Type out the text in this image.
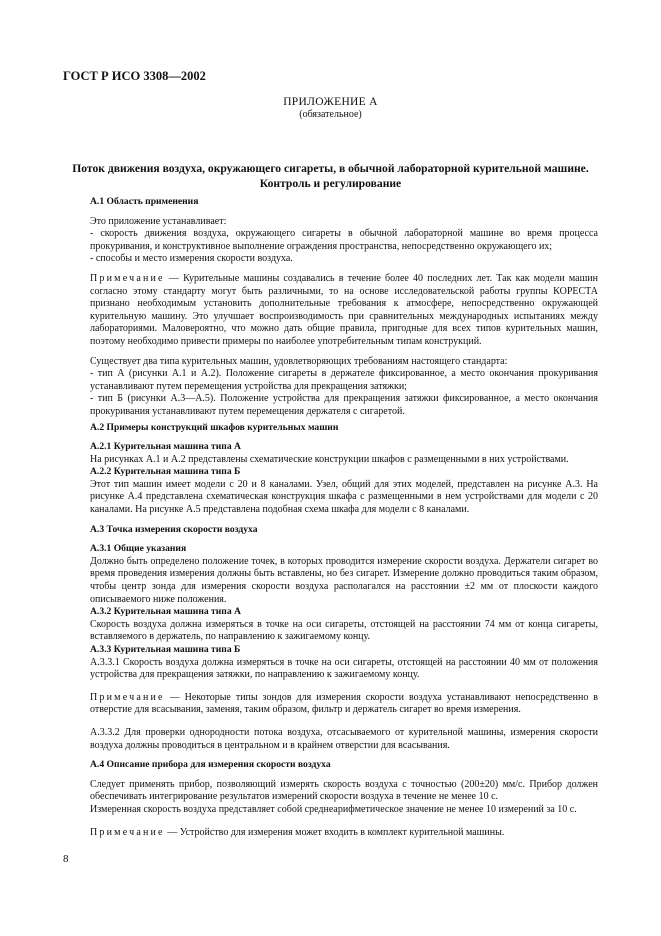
ГОСТ Р ИСО 3308—2002
ПРИЛОЖЕНИЕ А
(обязательное)
Поток движения воздуха, окружающего сигареты, в обычной лабораторной курительной машине.
Контроль и регулирование

А.1 Область применения

Это приложение устанавливает:

- скорость движения воздуха, окружающего сигареты в обычной лабораторной машине во время процесса прокуривания, и конструктивное выполнение ограждения пространства, непосредственно окружающего их;

- способы и место измерения скорости воздуха.

Примечание — Курительные машины создавались в течение более 40 последних лет. Так как модели машин согласно этому стандарту могут быть различными, то на основе исследовательской работы группы КОРЕСТА признано необходимым установить дополнительные требования к атмосфере, непосредственно окружающей курительную машину. Это улучшает воспроизводимость при сравнительных международных испытаниях между лабораториями. Маловероятно, что можно дать общие правила, пригодные для всех типов курительных машин, поэтому необходимо привести примеры по наиболее употребительным типам конструкций.

Существует два типа курительных машин, удовлетворяющих требованиям настоящего стандарта:

- тип А (рисунки А.1 и А.2). Положение сигареты в держателе фиксированное, а место окончания прокуривания устанавливают путем перемещения устройства для прекращения затяжки;

- тип Б (рисунки А.3—А.5). Положение устройства для прекращения затяжки фиксированное, а место окончания прокуривания устанавливают путем перемещения держателя с сигаретой.

А.2 Примеры конструкций шкафов курительных машин

А.2.1 Курительная машина типа А

На рисунках А.1 и А.2 представлены схематические конструкции шкафов с размещенными в них устройствами.

А.2.2 Курительная машина типа Б

Этот тип машин имеет модели с 20 и 8 каналами. Узел, общий для этих моделей, представлен на рисунке А.3. На рисунке А.4 представлена схематическая конструкция шкафа с размещенными в нем устройствами для модели с 20 каналами. На рисунке А.5 представлена подобная схема шкафа для модели с 8 каналами.

А.3 Точка измерения скорости воздуха

А.3.1 Общие указания

Должно быть определено положение точек, в которых проводится измерение скорости воздуха. Держатели сигарет во время проведения измерения должны быть вставлены, но без сигарет. Измерение должно проводиться таким образом, чтобы центр зонда для измерения скорости воздуха располагался на расстоянии ±2 мм от плоскости каждого описываемого ниже положения.

А.3.2 Курительная машина типа А

Скорость воздуха должна измеряться в точке на оси сигареты, отстоящей на расстоянии 74 мм от конца сигареты, вставляемого в держатель, по направлению к зажигаемому концу.

А.3.3 Курительная машина типа Б

А.3.3.1 Скорость воздуха должна измеряться в точке на оси сигареты, отстоящей на расстоянии 40 мм от положения устройства для прекращения затяжки, по направлению к зажигаемому концу.

Примечание — Некоторые типы зондов для измерения скорости воздуха устанавливают непосредственно в отверстие для всасывания, заменяя, таким образом, фильтр и держатель сигарет во время измерения.

А.3.3.2 Для проверки однородности потока воздуха, отсасываемого от курительной машины, измерения скорости воздуха должны проводиться в центральном и в крайнем отверстии для всасывания.

А.4 Описание прибора для измерения скорости воздуха

Следует применять прибор, позволяющий измерять скорость воздуха с точностью (200±20) мм/с. Прибор должен обеспечивать интегрирование результатов измерений скорости воздуха в течение не менее 10 с.

Измеренная скорость воздуха представляет собой среднеарифметическое значение не менее 10 измерений за 10 с.

Примечание — Устройство для измерения может входить в комплект курительной машины.

8
